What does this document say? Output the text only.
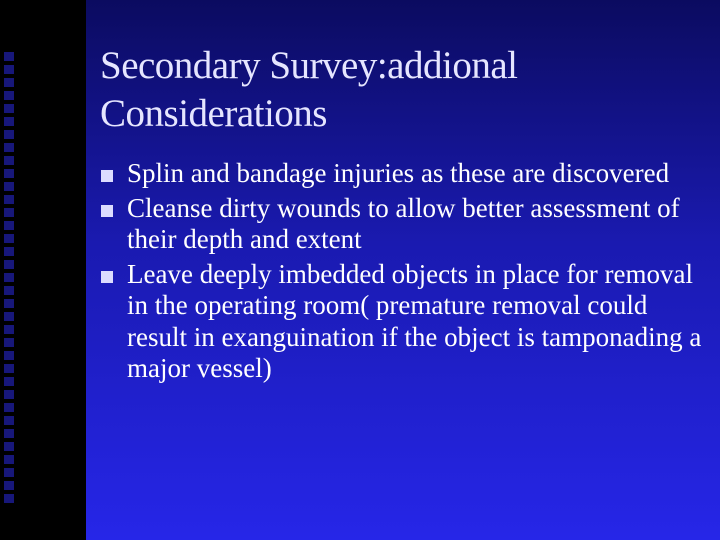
Secondary Survey:addional
Considerations
Splin and bandage injuries as these are discovered
Cleanse dirty wounds to allow better assessment of their depth and extent
Leave deeply imbedded objects in place for removal in the operating room( premature removal could result in exanguination if the object is tamponading a major vessel)
